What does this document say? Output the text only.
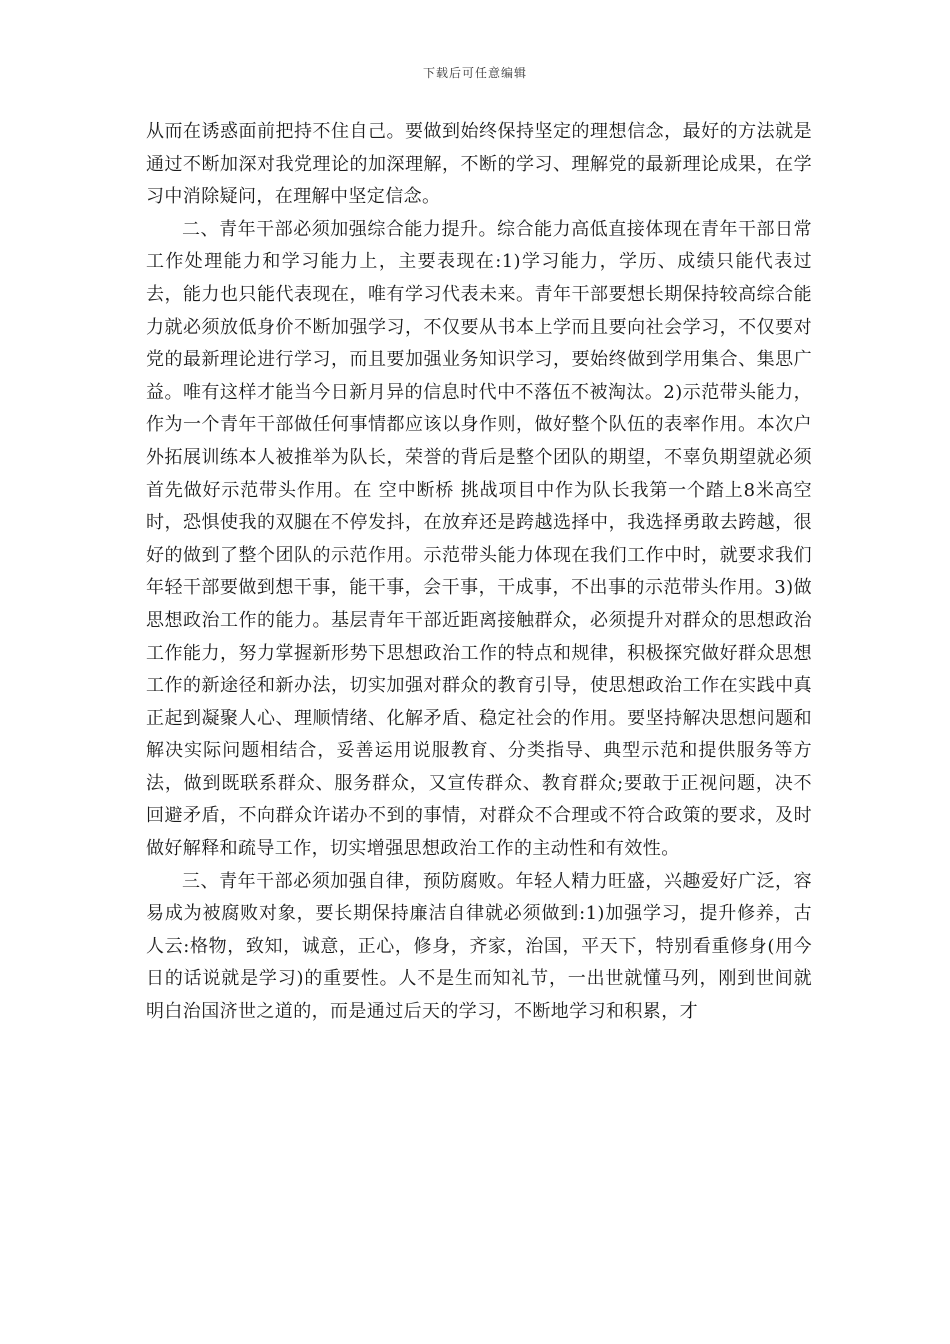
下载后可任意编辑

从而在诱惑面前把持不住自己。要做到始终保持坚定的理想信念，最好的方法就是通过不断加深对我党理论的加深理解，不断的学习、理解党的最新理论成果，在学习中消除疑问，在理解中坚定信念。

二、青年干部必须加强综合能力提升。综合能力高低直接体现在青年干部日常工作处理能力和学习能力上，主要表现在:1)学习能力，学历、成绩只能代表过去，能力也只能代表现在，唯有学习代表未来。青年干部要想长期保持较高综合能力就必须放低身价不断加强学习，不仅要从书本上学而且要向社会学习，不仅要对党的最新理论进行学习，而且要加强业务知识学习，要始终做到学用集合、集思广益。唯有这样才能当今日新月异的信息时代中不落伍不被淘汰。2)示范带头能力，作为一个青年干部做任何事情都应该以身作则，做好整个队伍的表率作用。本次户外拓展训练本人被推举为队长，荣誉的背后是整个团队的期望，不辜负期望就必须首先做好示范带头作用。在 空中断桥 挑战项目中作为队长我第一个踏上8米高空时，恐惧使我的双腿在不停发抖，在放弃还是跨越选择中，我选择勇敢去跨越，很好的做到了整个团队的示范作用。示范带头能力体现在我们工作中时，就要求我们年轻干部要做到想干事，能干事，会干事，干成事，不出事的示范带头作用。3)做思想政治工作的能力。基层青年干部近距离接触群众，必须提升对群众的思想政治工作能力，努力掌握新形势下思想政治工作的特点和规律，积极探究做好群众思想工作的新途径和新办法，切实加强对群众的教育引导，使思想政治工作在实践中真正起到凝聚人心、理顺情绪、化解矛盾、稳定社会的作用。要坚持解决思想问题和解决实际问题相结合，妥善运用说服教育、分类指导、典型示范和提供服务等方法，做到既联系群众、服务群众，又宣传群众、教育群众;要敢于正视问题，决不回避矛盾，不向群众许诺办不到的事情，对群众不合理或不符合政策的要求，及时做好解释和疏导工作，切实增强思想政治工作的主动性和有效性。

三、青年干部必须加强自律，预防腐败。年轻人精力旺盛，兴趣爱好广泛，容易成为被腐败对象，要长期保持廉洁自律就必须做到:1)加强学习，提升修养，古人云:格物，致知，诚意，正心，修身，齐家，治国，平天下，特别看重修身(用今日的话说就是学习)的重要性。人不是生而知礼节，一出世就懂马列，刚到世间就明白治国济世之道的，而是通过后天的学习，不断地学习和积累，才
